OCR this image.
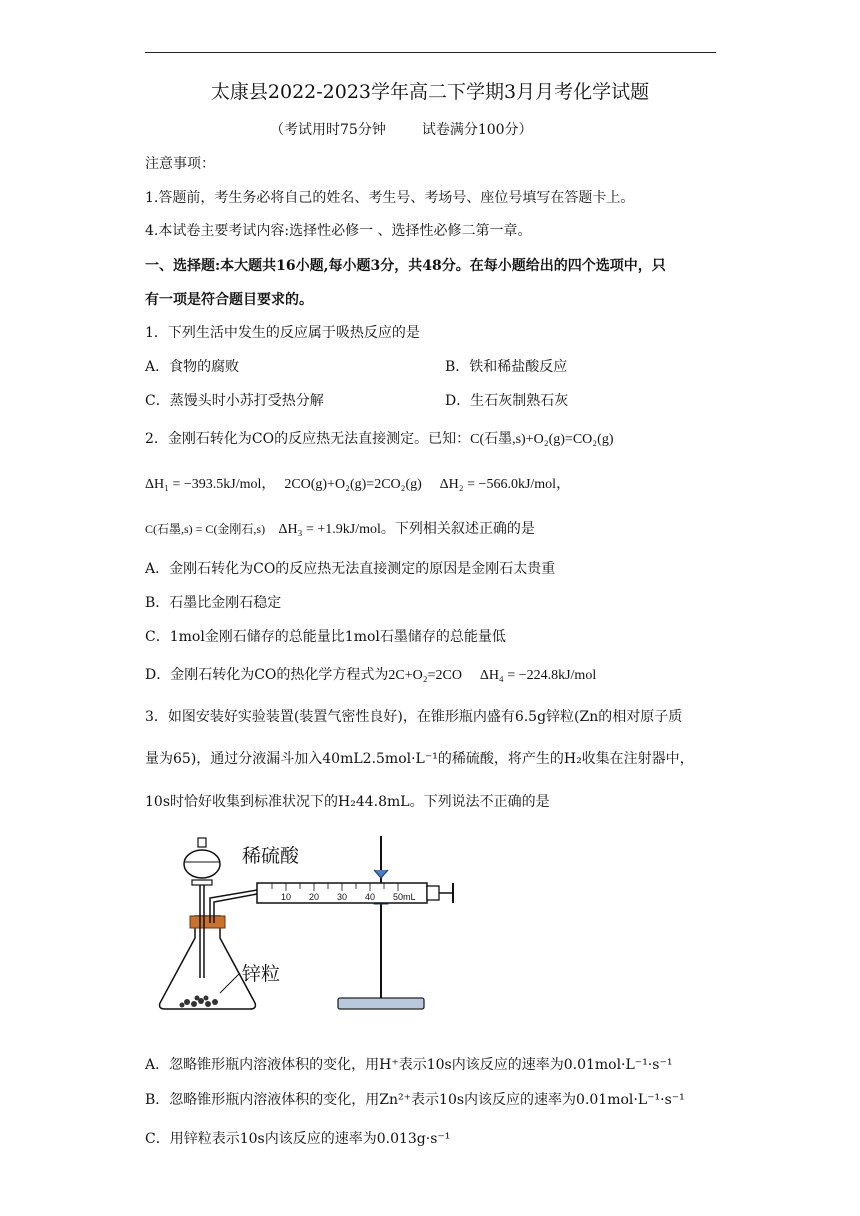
太康县2022-2023学年高二下学期3月月考化学试题
（考试用时75分钟	试卷满分100分）
注意事项：
1.答题前，考生务必将自己的姓名、考生号、考场号、座位号填写在答题卡上。
4.本试卷主要考试内容:选择性必修一 、选择性必修二第一章。
一、选择题:本大题共16小题,每小题3分，共48分。在每小题给出的四个选项中，只
有一项是符合题目要求的。
1．下列生活中发生的反应属于吸热反应的是
A．食物的腐败	B．铁和稀盐酸反应
C．蒸馒头时小苏打受热分解	D．生石灰制熟石灰
2．金刚石转化为CO的反应热无法直接测定。已知：C(石墨,s)+O₂(g)=CO₂(g)
ΔH₁ = −393.5kJ/mol， 2CO(g)+O₂(g)=2CO₂(g) ΔH₂ = −566.0kJ/mol，
C(石墨,s) = C(金刚石,s) ΔH₃ = +1.9kJ/mol。下列相关叙述正确的是
A．金刚石转化为CO的反应热无法直接测定的原因是金刚石太贵重
B．石墨比金刚石稳定
C．1mol金刚石储存的总能量比1mol石墨储存的总能量低
D．金刚石转化为CO的热化学方程式为2C+O₂=2CO ΔH₄ = −224.8kJ/mol
3．如图安装好实验装置(装置气密性良好)，在锥形瓶内盛有6.5g锌粒(Zn的相对原子质
量为65)，通过分液漏斗加入40mL2.5mol·L⁻¹的稀硫酸，将产生的H₂收集在注射器中，
10s时恰好收集到标准状况下的H₂44.8mL。下列说法不正确的是
10 20 30 40 50mL
稀硫酸
锌粒
A．忽略锥形瓶内溶液体积的变化，用H⁺表示10s内该反应的速率为0.01mol·L⁻¹·s⁻¹
B．忽略锥形瓶内溶液体积的变化，用Zn²⁺表示10s内该反应的速率为0.01mol·L⁻¹·s⁻¹
C．用锌粒表示10s内该反应的速率为0.013g·s⁻¹
